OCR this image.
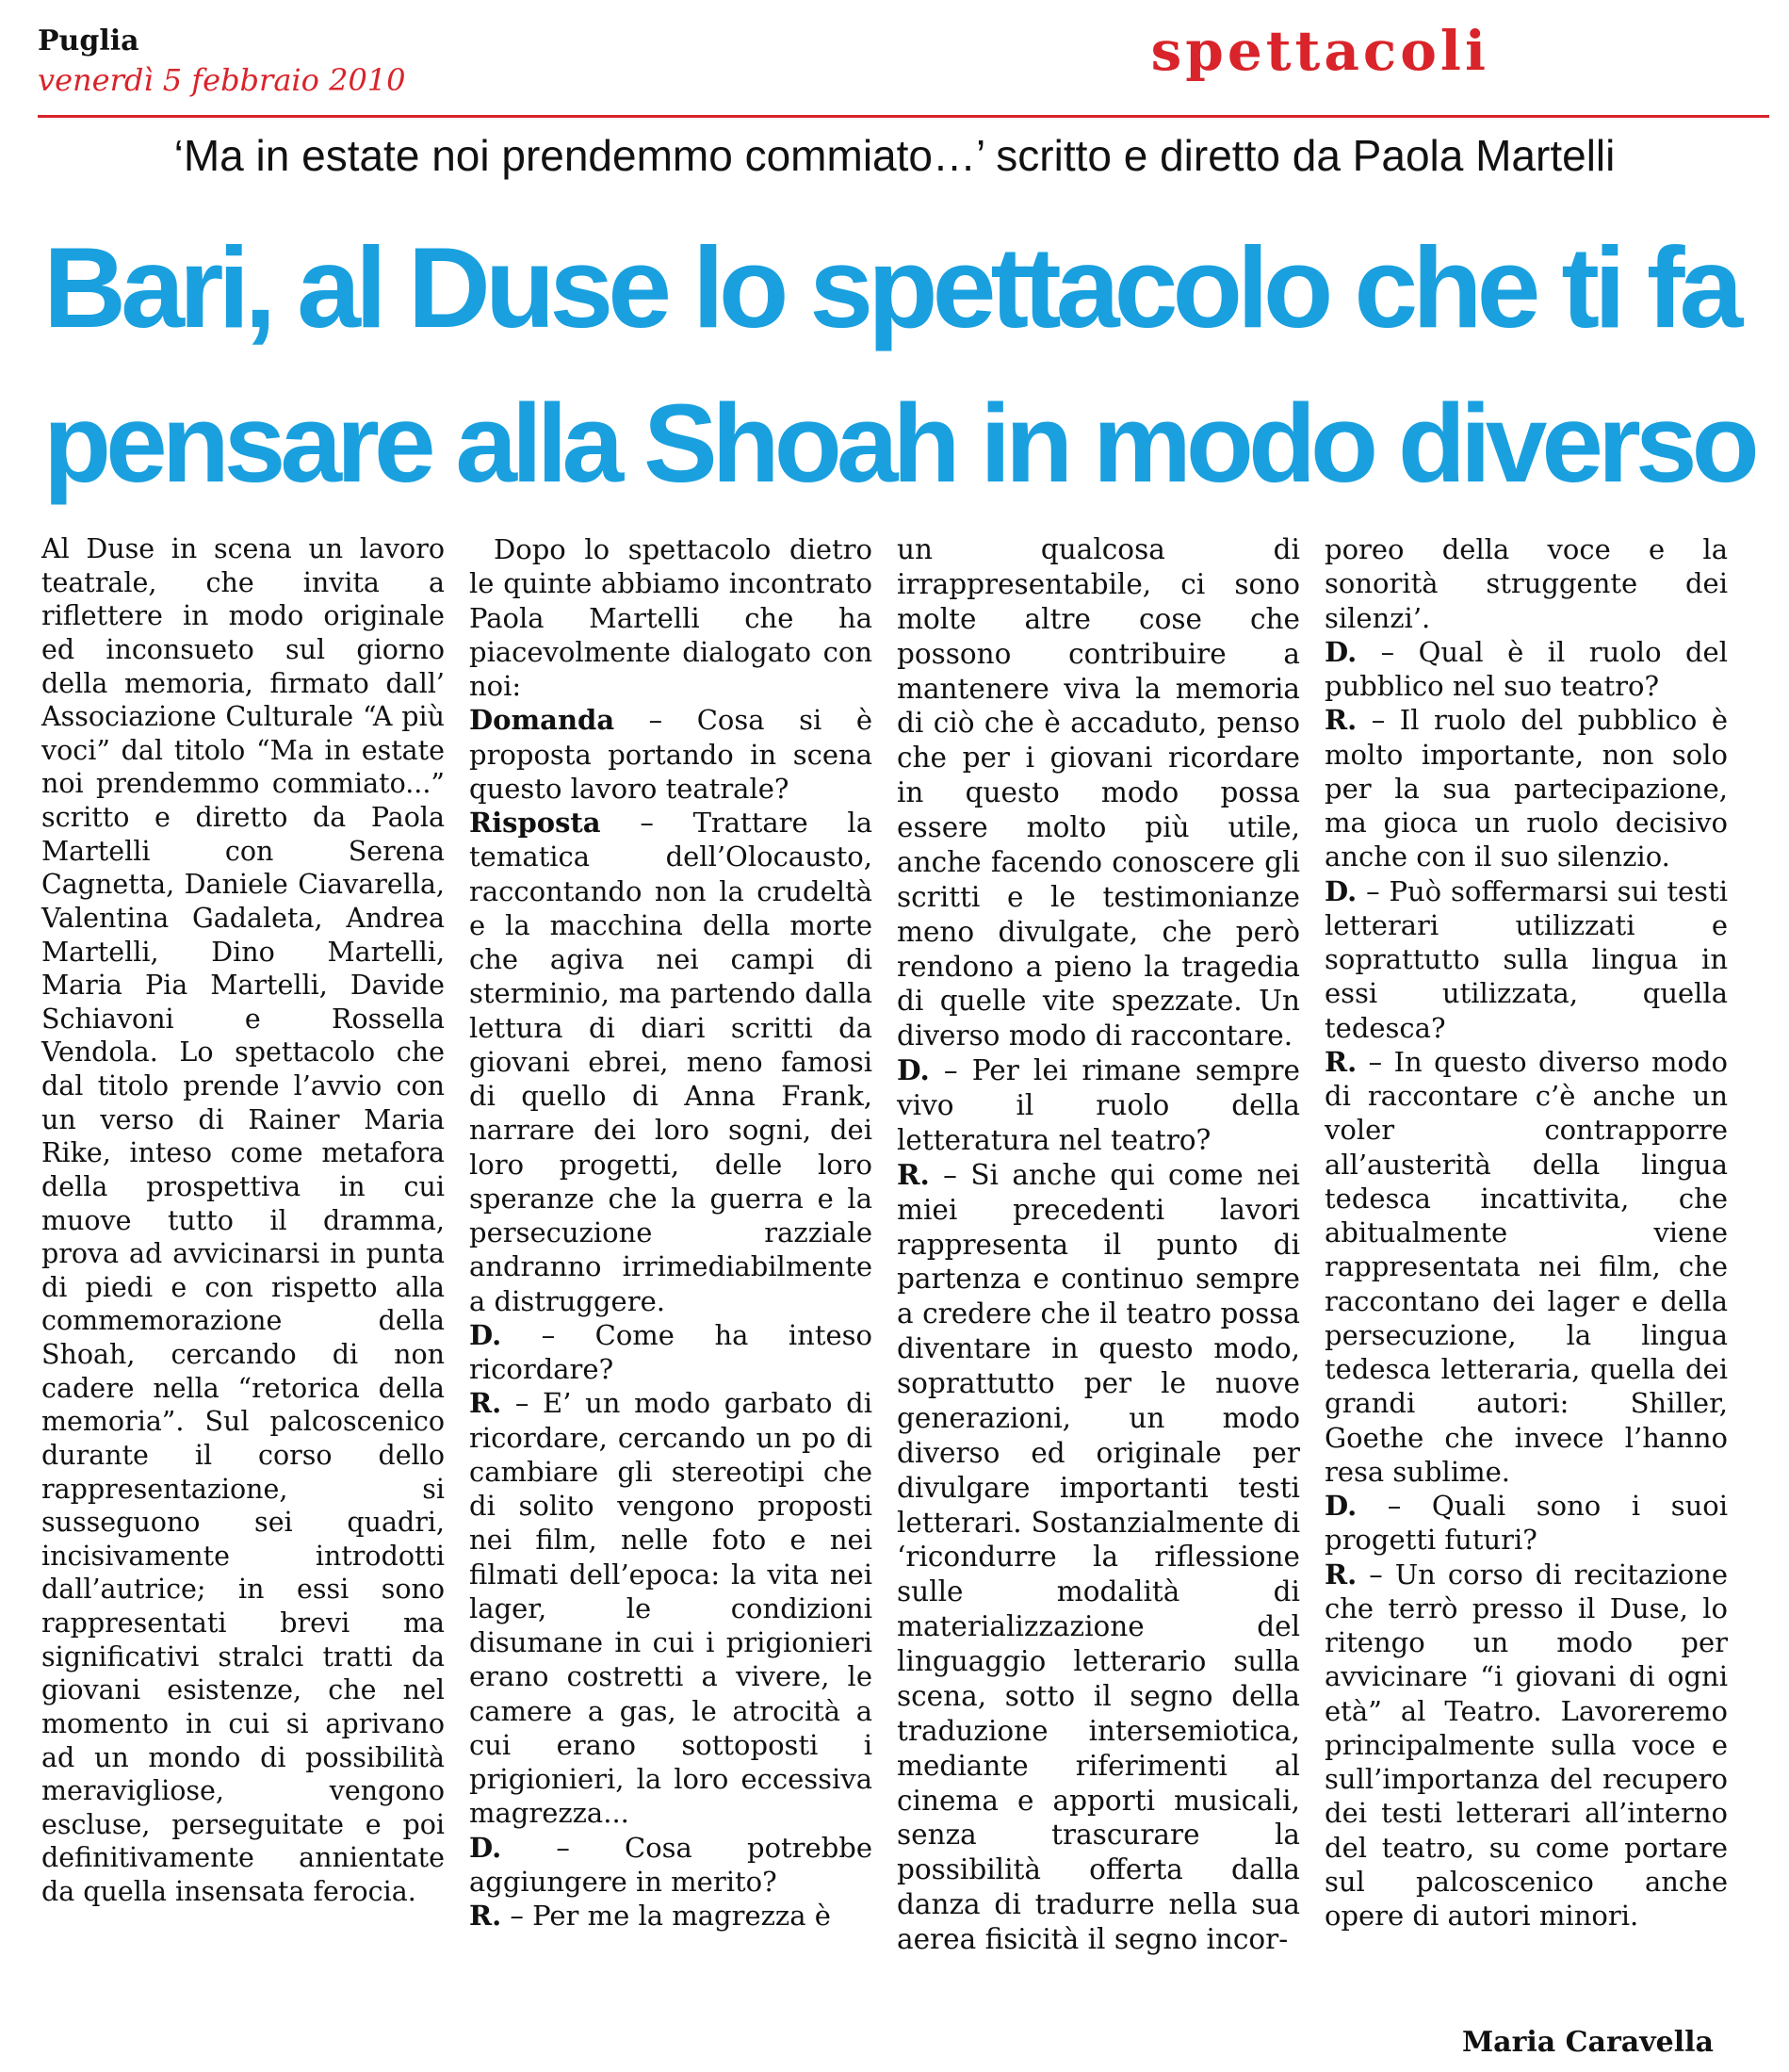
Puglia
venerdì 5 febbraio 2010	spettacoli
‘Ma in estate noi prendemmo commiato…’ scritto e diretto da Paola Martelli
Bari, al Duse lo spettacolo che ti fa
pensare alla Shoah in modo diverso

Al Duse in scena un lavoro teatrale, che invita a riflettere in modo originale ed inconsueto sul giorno della memoria, firmato dall’ Associazione Culturale “A più voci” dal titolo “Ma in estate noi prendemmo commiato...” scritto e diretto da Paola Martelli con Serena Cagnetta, Daniele Ciavarella, Valentina Gadaleta, Andrea Martelli, Dino Martelli, Maria Pia Martelli, Davide Schiavoni e Rossella Vendola. Lo spettacolo che dal titolo prende l’avvio con un verso di Rainer Maria Rike, inteso come metafora della prospettiva in cui muove tutto il dramma, prova ad avvicinarsi in punta di piedi e con rispetto alla commemorazione della Shoah, cercando di non cadere nella “retorica della memoria”. Sul palcoscenico durante il corso dello rappresentazione, si susseguono sei quadri, incisivamente introdotti dall’autrice; in essi sono rappresentati brevi ma significativi stralci tratti da giovani esistenze, che nel momento in cui si aprivano ad un mondo di possibilità meravigliose, vengono escluse, perseguitate e poi definitivamente annientate da quella insensata ferocia.

Dopo lo spettacolo dietro le quinte abbiamo incontrato Paola Martelli che ha piacevolmente dialogato con noi:

Domanda – Cosa si è proposta portando in scena questo lavoro teatrale?

Risposta – Trattare la tematica dell’Olocausto, raccontando non la crudeltà e la macchina della morte che agiva nei campi di sterminio, ma partendo dalla lettura di diari scritti da giovani ebrei, meno famosi di quello di Anna Frank, narrare dei loro sogni, dei loro progetti, delle loro speranze che la guerra e la persecuzione razziale andranno irrimediabilmente a distruggere.

D. – Come ha inteso ricordare?

R. – E’ un modo garbato di ricordare, cercando un po di cambiare gli stereotipi che di solito vengono proposti nei film, nelle foto e nei filmati dell’epoca: la vita nei lager, le condizioni disumane in cui i prigionieri erano costretti a vivere, le camere a gas, le atrocità a cui erano sottoposti i prigionieri, la loro eccessiva magrezza...

D. – Cosa potrebbe aggiungere in merito?

R. – Per me la magrezza è

un qualcosa di irrappresentabile, ci sono molte altre cose che possono contribuire a mantenere viva la memoria di ciò che è accaduto, penso che per i giovani ricordare in questo modo possa essere molto più utile, anche facendo conoscere gli scritti e le testimonianze meno divulgate, che però rendono a pieno la tragedia di quelle vite spezzate. Un diverso modo di raccontare.

D. – Per lei rimane sempre vivo il ruolo della letteratura nel teatro?

R. – Si anche qui come nei miei precedenti lavori rappresenta il punto di partenza e continuo sempre a credere che il teatro possa diventare in questo modo, soprattutto per le nuove generazioni, un modo diverso ed originale per divulgare importanti testi letterari. Sostanzialmente di ‘ricondurre la riflessione sulle modalità di materializzazione del linguaggio letterario sulla scena, sotto il segno della traduzione intersemiotica, mediante riferimenti al cinema e apporti musicali, senza trascurare la possibilità offerta dalla danza di tradurre nella sua aerea fisicità il segno incor-

poreo della voce e la sonorità struggente dei silenzi’.

D. – Qual è il ruolo del pubblico nel suo teatro?

R. – Il ruolo del pubblico è molto importante, non solo per la sua partecipazione, ma gioca un ruolo decisivo anche con il suo silenzio.

D. – Può soffermarsi sui testi letterari utilizzati e soprattutto sulla lingua in essi utilizzata, quella tedesca?

R. – In questo diverso modo di raccontare c’è anche un voler contrapporre all’austerità della lingua tedesca incattivita, che abitualmente viene rappresentata nei film, che raccontano dei lager e della persecuzione, la lingua tedesca letteraria, quella dei grandi autori: Shiller, Goethe che invece l’hanno resa sublime.

D. – Quali sono i suoi progetti futuri?

R. – Un corso di recitazione che terrò presso il Duse, lo ritengo un modo per avvicinare “i giovani di ogni età” al Teatro. Lavoreremo principalmente sulla voce e sull’importanza del recupero dei testi letterari all’interno del teatro, su come portare sul palcoscenico anche opere di autori minori.

Maria Caravella
